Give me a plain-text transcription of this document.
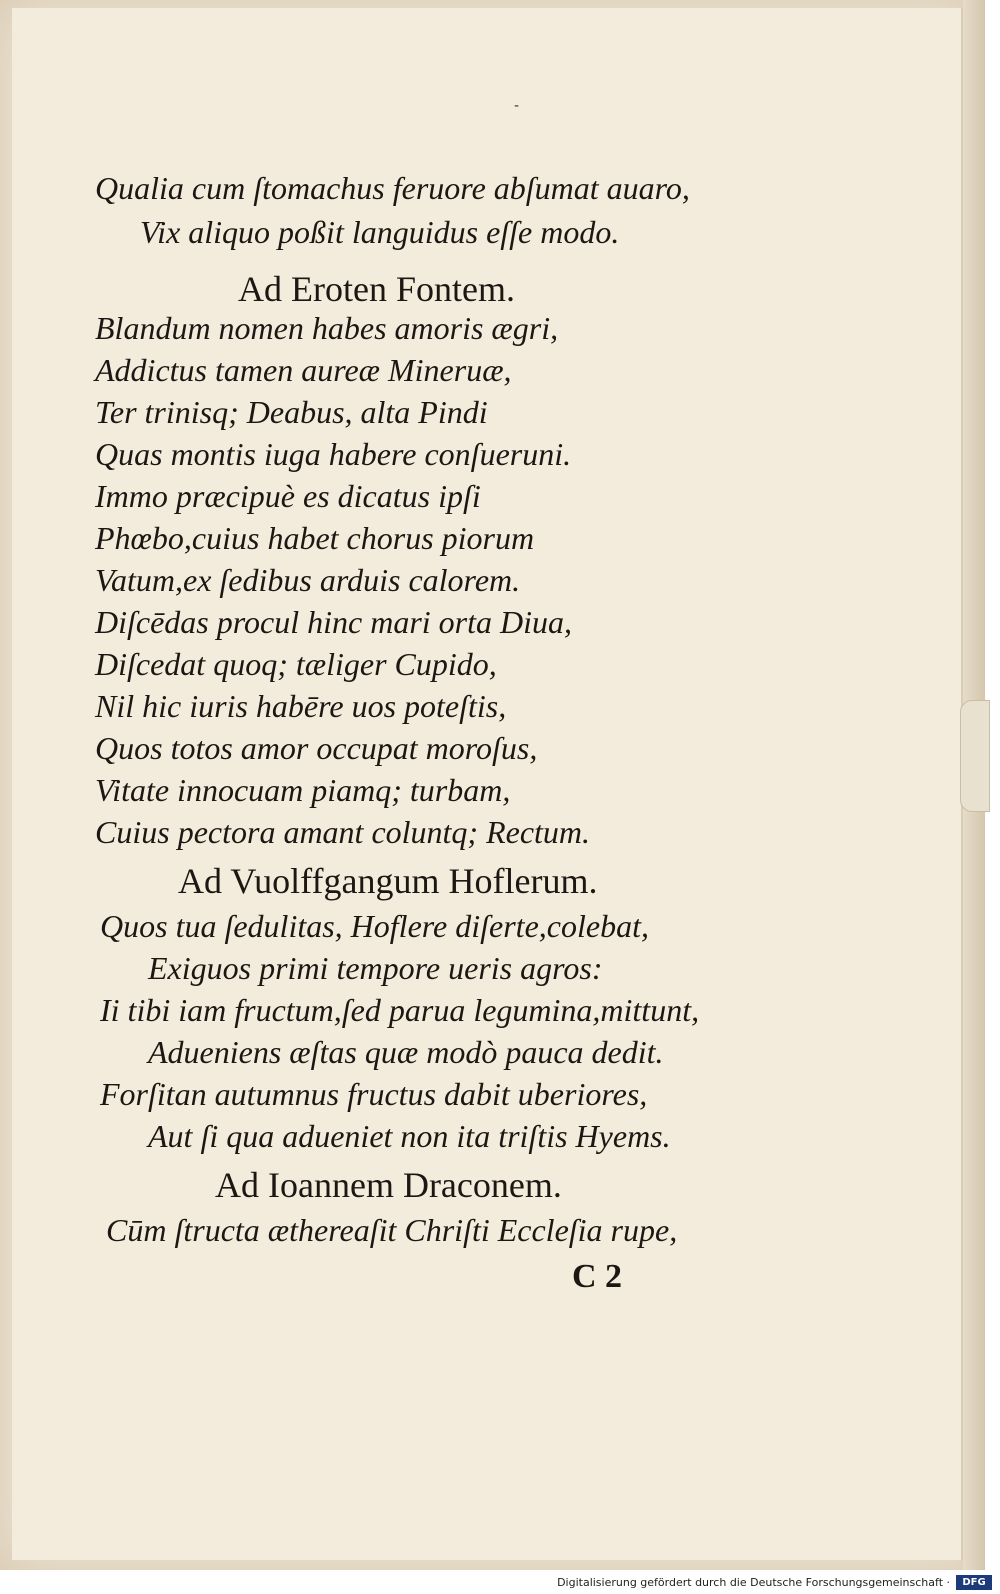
-
Qualia cum ſtomachus feruore abſumat auaro,
Vix aliquo poßit languidus eſſe modo.
Ad Eroten Fontem.
Blandum nomen habes amoris ægri,
Addictus tamen aureæ Mineruæ,
Ter trinisq; Deabus, alta Pindi
Quas montis iuga habere conſueruni.
Immo præcipuè es dicatus ipſi
Phœbo,cuius habet chorus piorum
Vatum,ex ſedibus arduis calorem.
Diſcēdas procul hinc mari orta Diua,
Diſcedat quoq; tæliger Cupido,
Nil hic iuris habēre uos poteſtis,
Quos totos amor occupat moroſus,
Vitate innocuam piamq; turbam,
Cuius pectora amant coluntq; Rectum.
Ad Vuolffgangum Hoflerum.
Quos tua ſedulitas, Hoflere diſerte,colebat,
Exiguos primi tempore ueris agros:
Ii tibi iam fructum,ſed parua legumina,mittunt,
Adueniens æſtas quæ modò pauca dedit.
Forſitan autumnus fructus dabit uberiores,
Aut ſi qua adueniet non ita triſtis Hyems.
Ad Ioannem Draconem.
Cūm ſtructa æthereaſit Chriſti Eccleſia rupe,
C 2
Digitalisierung gefördert durch die Deutsche Forschungsgemeinschaft ·	DFG
